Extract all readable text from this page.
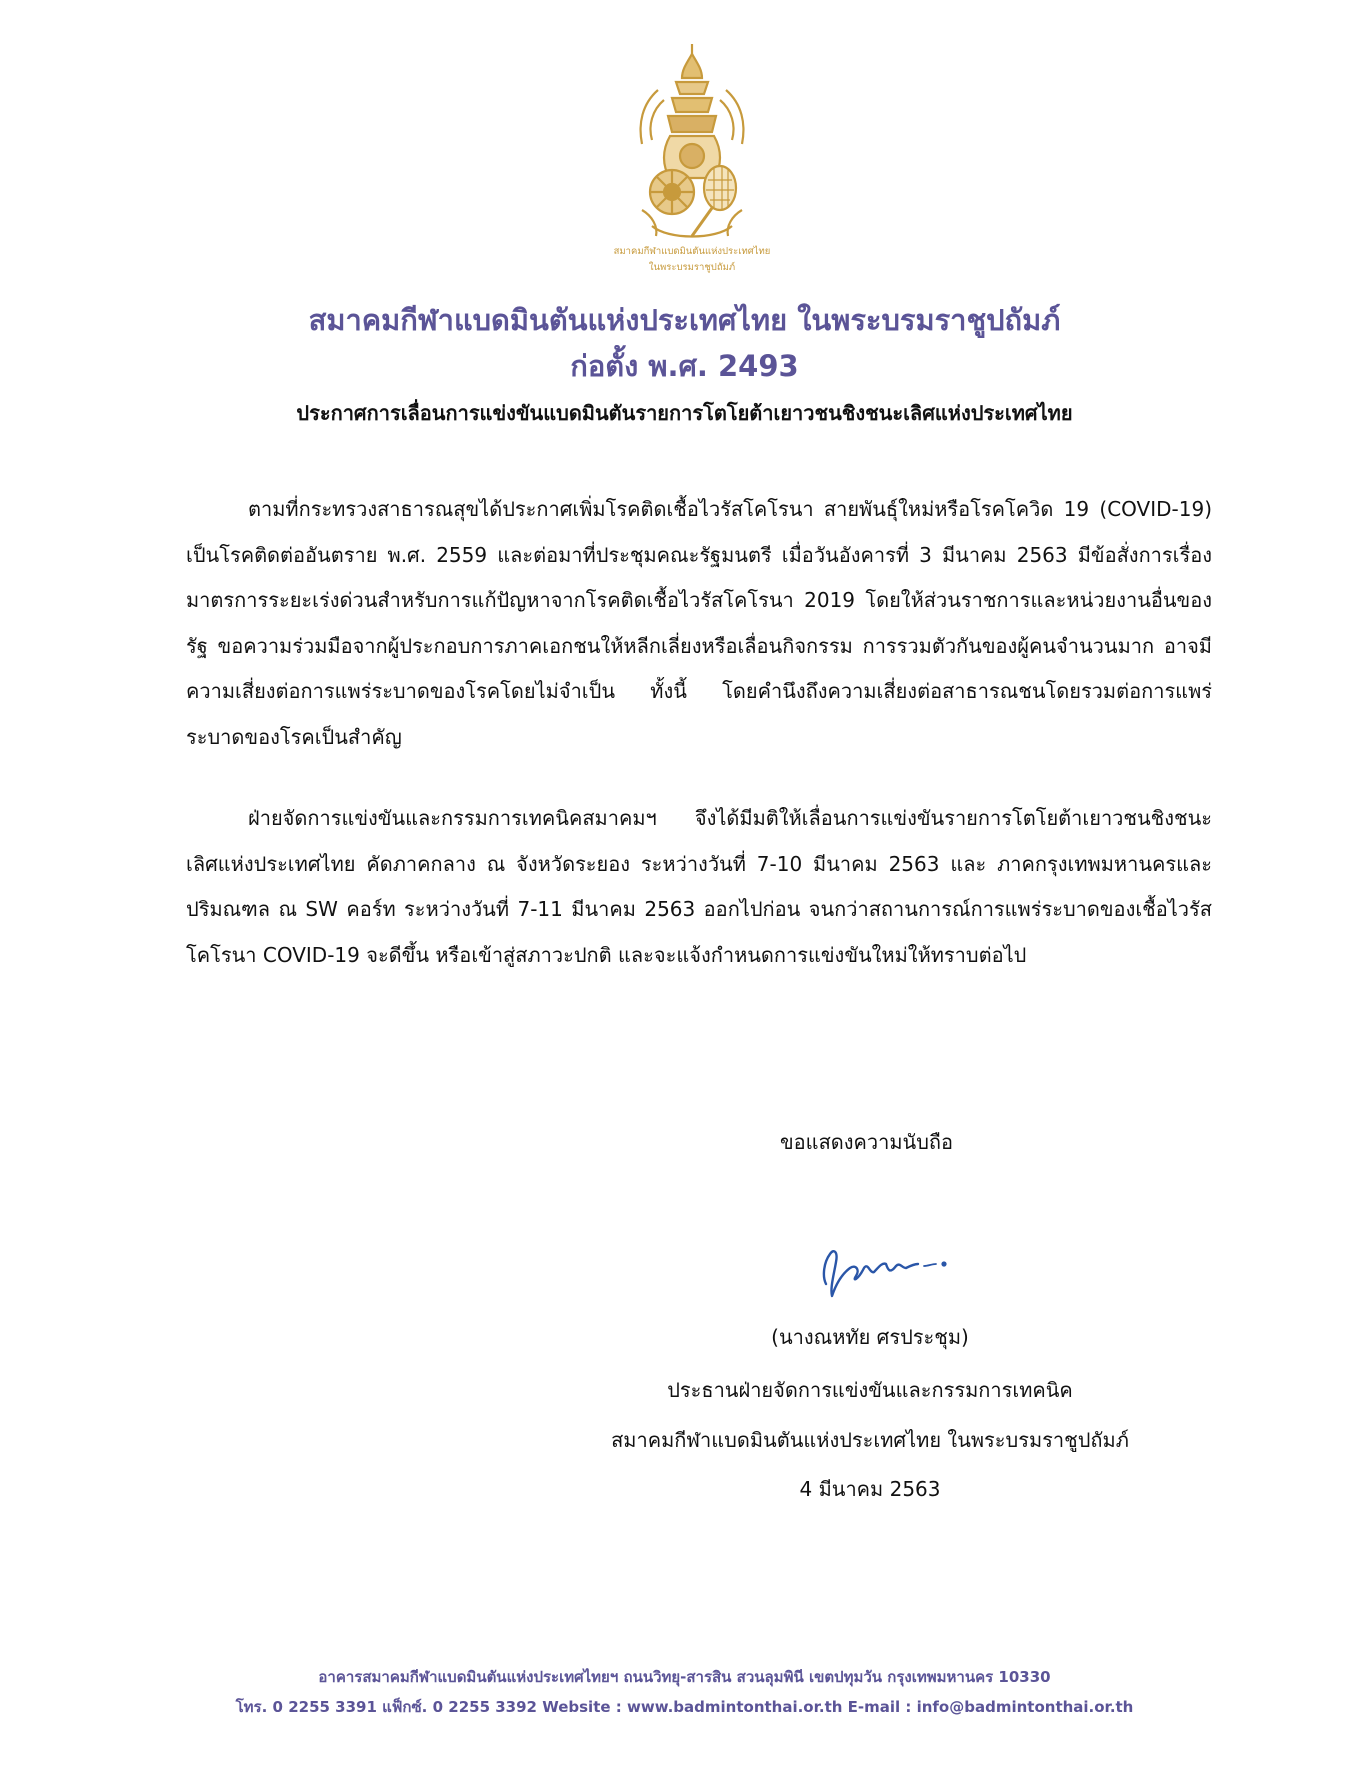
สมาคมกีฬาแบดมินตันแห่งประเทศไทย
ในพระบรมราชูปถัมภ์
สมาคมกีฬาแบดมินตันแห่งประเทศไทย ในพระบรมราชูปถัมภ์
ก่อตั้ง พ.ศ. 2493
ประกาศการเลื่อนการแข่งขันแบดมินตันรายการโตโยต้าเยาวชนชิงชนะเลิศแห่งประเทศไทย

ตามที่กระทรวงสาธารณสุขได้ประกาศเพิ่มโรคติดเชื้อไวรัสโคโรนา สายพันธุ์ใหม่หรือโรคโควิด 19 (COVID-19) เป็นโรคติดต่ออันตราย พ.ศ. 2559 และต่อมาที่ประชุมคณะรัฐมนตรี เมื่อวันอังคารที่ 3 มีนาคม 2563 มีข้อสั่งการเรื่องมาตรการระยะเร่งด่วนสำหรับการแก้ปัญหาจากโรคติดเชื้อไวรัสโคโรนา 2019 โดยให้ส่วนราชการและหน่วยงานอื่นของรัฐ ขอความร่วมมือจากผู้ประกอบการภาคเอกชนให้หลีกเลี่ยงหรือเลื่อนกิจกรรม การรวมตัวกันของผู้คนจำนวนมาก อาจมีความเสี่ยงต่อการแพร่ระบาดของโรคโดยไม่จำเป็น ทั้งนี้ โดยคำนึงถึงความเสี่ยงต่อสาธารณชนโดยรวมต่อการแพร่ระบาดของโรคเป็นสำคัญ

ฝ่ายจัดการแข่งขันและกรรมการเทคนิคสมาคมฯ จึงได้มีมติให้เลื่อนการแข่งขันรายการโตโยต้าเยาวชนชิงชนะเลิศแห่งประเทศไทย คัดภาคกลาง ณ จังหวัดระยอง ระหว่างวันที่ 7-10 มีนาคม 2563 และ ภาคกรุงเทพมหานครและปริมณฑล ณ SW คอร์ท ระหว่างวันที่ 7-11 มีนาคม 2563 ออกไปก่อน จนกว่าสถานการณ์การแพร่ระบาดของเชื้อไวรัสโคโรนา COVID-19 จะดีขึ้น หรือเข้าสู่สภาวะปกติ และจะแจ้งกำหนดการแข่งขันใหม่ให้ทราบต่อไป

ขอแสดงความนับถือ
(นางณหทัย ศรประชุม)
ประธานฝ่ายจัดการแข่งขันและกรรมการเทคนิค
สมาคมกีฬาแบดมินตันแห่งประเทศไทย ในพระบรมราชูปถัมภ์
4 มีนาคม 2563
อาคารสมาคมกีฬาแบดมินตันแห่งประเทศไทยฯ ถนนวิทยุ-สารสิน สวนลุมพินี เขตปทุมวัน กรุงเทพมหานคร 10330
โทร. 0 2255 3391 แฟ็กซ์. 0 2255 3392 Website : www.badmintonthai.or.th E-mail : info@badmintonthai.or.th
